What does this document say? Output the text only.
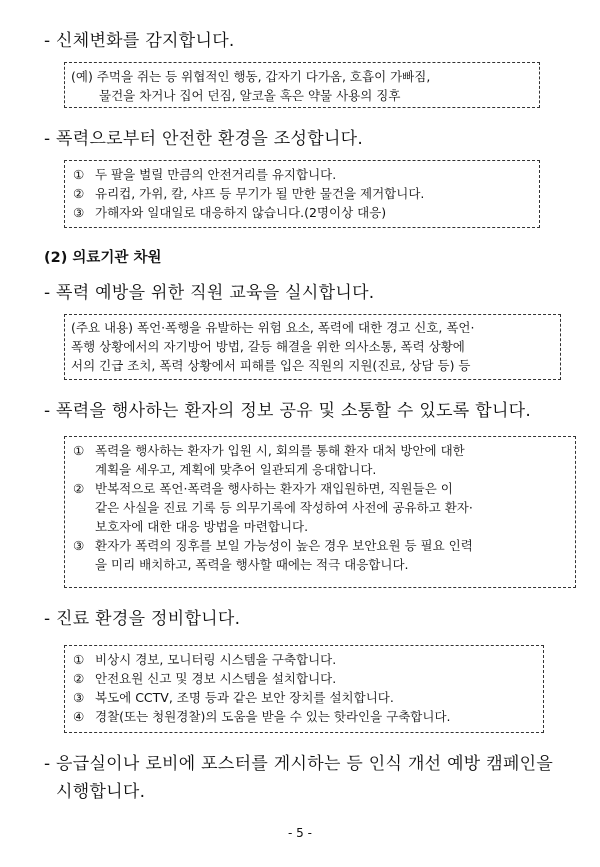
- 신체변화를 감지합니다.
(예) 주먹을 쥐는 등 위협적인 행동, 갑자기 다가옴, 호흡이 가빠짐,
물건을 차거나 집어 던짐, 알코올 혹은 약물 사용의 징후
- 폭력으로부터 안전한 환경을 조성합니다.
① 두 팔을 벌릴 만큼의 안전거리를 유지합니다.
② 유리컵, 가위, 칼, 샤프 등 무기가 될 만한 물건을 제거합니다.
③ 가해자와 일대일로 대응하지 않습니다.(2명이상 대응)
(2) 의료기관 차원
- 폭력 예방을 위한 직원 교육을 실시합니다.
(주요 내용) 폭언·폭행을 유발하는 위험 요소, 폭력에 대한 경고 신호, 폭언·
폭행 상황에서의 자기방어 방법, 갈등 해결을 위한 의사소통, 폭력 상황에
서의 긴급 조치, 폭력 상황에서 피해를 입은 직원의 지원(진료, 상담 등) 등
- 폭력을 행사하는 환자의 정보 공유 및 소통할 수 있도록 합니다.
① 폭력을 행사하는 환자가 입원 시, 회의를 통해 환자 대처 방안에 대한
계획을 세우고, 계획에 맞추어 일관되게 응대합니다.
② 반복적으로 폭언·폭력을 행사하는 환자가 재입원하면, 직원들은 이
같은 사실을 진료 기록 등 의무기록에 작성하여 사전에 공유하고 환자·
보호자에 대한 대응 방법을 마련합니다.
③ 환자가 폭력의 징후를 보일 가능성이 높은 경우 보안요원 등 필요 인력
을 미리 배치하고, 폭력을 행사할 때에는 적극 대응합니다.
- 진료 환경을 정비합니다.
① 비상시 경보, 모니터링 시스템을 구축합니다.
② 안전요원 신고 및 경보 시스템을 설치합니다.
③ 복도에 CCTV, 조명 등과 같은 보안 장치를 설치합니다.
④ 경찰(또는 청원경찰)의 도움을 받을 수 있는 핫라인을 구축합니다.
- 응급실이나 로비에 포스터를 게시하는 등 인식 개선 예방 캠페인을
시행합니다.
- 5 -
